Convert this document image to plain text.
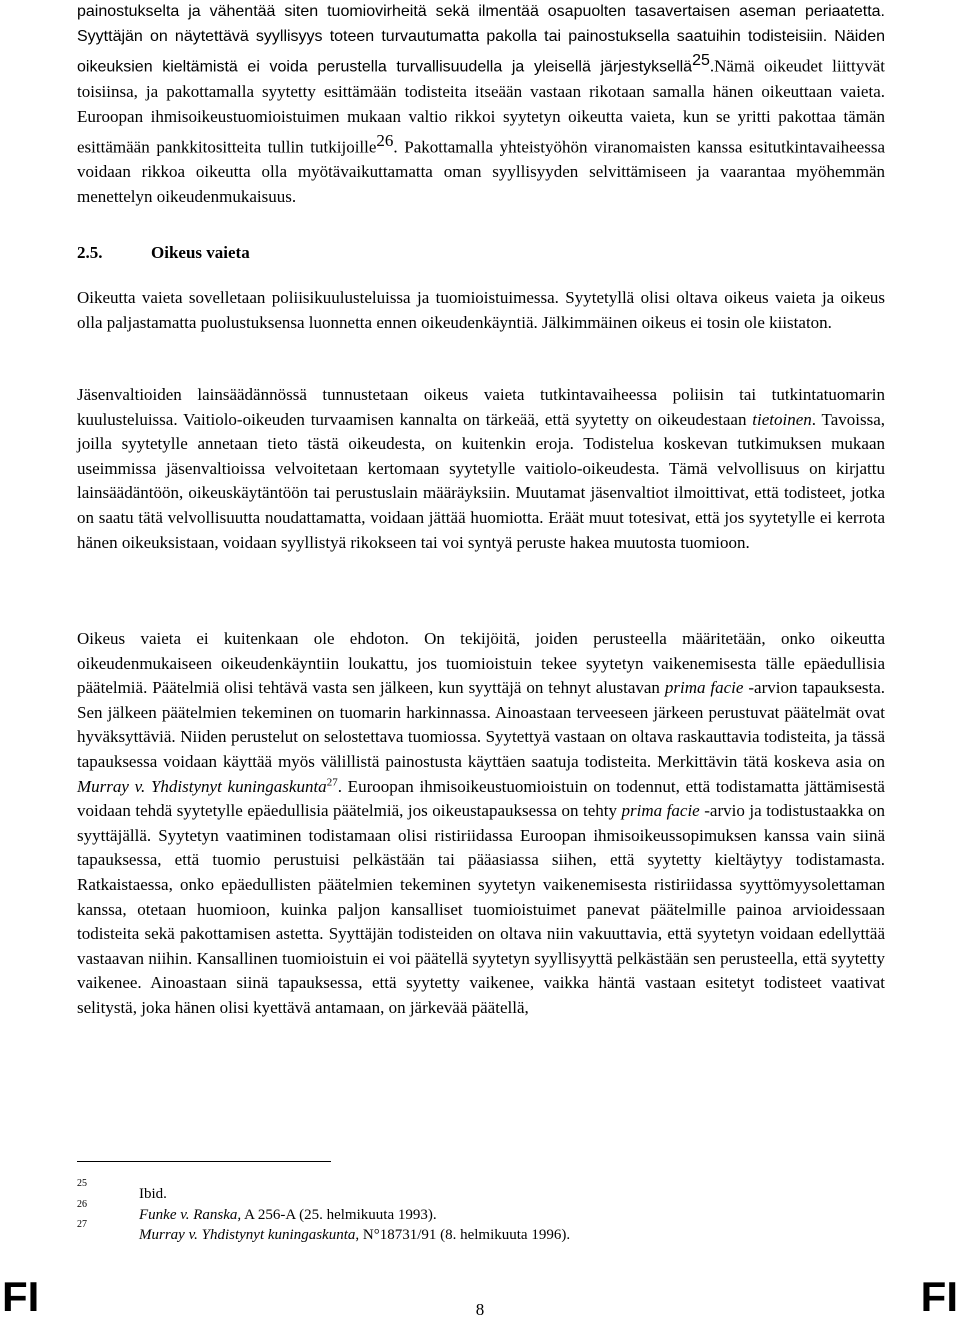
painostukselta ja vähentää siten tuomiovirheitä sekä ilmentää osapuolten tasavertaisen aseman periaatetta. Syyttäjän on näytettävä syyllisyys toteen turvautumatta pakolla tai painostuksella saatuihin todisteisiin. Näiden oikeuksien kieltämistä ei voida perustella turvallisuudella ja yleisellä järjestyksellä$^{25}$.Nämä oikeudet liittyvät toisiinsa, ja pakottamalla syytetty esittämään todisteita itseään vastaan rikotaan samalla hänen oikeuttaan vaieta. Euroopan ihmisoikeustuomioistuimen mukaan valtio rikkoi syytetyn oikeutta vaieta, kun se yritti pakottaa tämän esittämään pankkitositteita tullin tutkijoille$^{26}$. Pakottamalla yhteistyöhön viranomaisten kanssa esitutkintavaiheessa voidaan rikkoa oikeutta olla myötävaikuttamatta oman syyllisyyden selvittämiseen ja vaarantaa myöhemmän menettelyn oikeudenmukaisuus.

Oikeutta vaieta sovelletaan poliisikuulusteluissa ja tuomioistuimessa. Syytetyllä olisi oltava oikeus vaieta ja oikeus olla paljastamatta puolustuksensa luonnetta ennen oikeudenkäyntiä. Jälkimmäinen oikeus ei tosin ole kiistaton.

Jäsenvaltioiden lainsäädännössä tunnustetaan oikeus vaieta tutkintavaiheessa poliisin tai tutkintatuomarin kuulusteluissa. Vaitiolo-oikeuden turvaamisen kannalta on tärkeää, että syytetty on oikeudestaan tietoinen. Tavoissa, joilla syytetylle annetaan tieto tästä oikeudesta, on kuitenkin eroja. Todistelua koskevan tutkimuksen mukaan useimmissa jäsenvaltioissa velvoitetaan kertomaan syytetylle vaitiolo-oikeudesta. Tämä velvollisuus on kirjattu lainsäädäntöön, oikeuskäytäntöön tai perustuslain määräyksiin. Muutamat jäsenvaltiot ilmoittivat, että todisteet, jotka on saatu tätä velvollisuutta noudattamatta, voidaan jättää huomiotta. Eräät muut totesivat, että jos syytetylle ei kerrota hänen oikeuksistaan, voidaan syyllistyä rikokseen tai voi syntyä peruste hakea muutosta tuomioon.

Oikeus vaieta ei kuitenkaan ole ehdoton. On tekijöitä, joiden perusteella määritetään, onko oikeutta oikeudenmukaiseen oikeudenkäyntiin loukattu, jos tuomioistuin tekee syytetyn vaikenemisesta tälle epäedullisia päätelmiä. Päätelmiä olisi tehtävä vasta sen jälkeen, kun syyttäjä on tehnyt alustavan prima facie -arvion tapauksesta. Sen jälkeen päätelmien tekeminen on tuomarin harkinnassa. Ainoastaan terveeseen järkeen perustuvat päätelmät ovat hyväksyttäviä. Niiden perustelut on selostettava tuomiossa. Syytettyä vastaan on oltava raskauttavia todisteita, ja tässä tapauksessa voidaan käyttää myös välillistä painostusta käyttäen saatuja todisteita. Merkittävin tätä koskeva asia on Murray v. Yhdistynyt kuningaskunta$^{27}$. Euroopan ihmisoikeustuomioistuin on todennut, että todistamatta jättämisestä voidaan tehdä syytetylle epäedullisia päätelmiä, jos oikeustapauksessa on tehty prima facie -arvio ja todistustaakka on syyttäjällä. Syytetyn vaatiminen todistamaan olisi ristiriidassa Euroopan ihmisoikeussopimuksen kanssa vain siinä tapauksessa, että tuomio perustuisi pelkästään tai pääasiassa siihen, että syytetty kieltäytyy todistamasta. Ratkaistaessa, onko epäedullisten päätelmien tekeminen syytetyn vaikenemisesta ristiriidassa syyttömyysolettaman kanssa, otetaan huomioon, kuinka paljon kansalliset tuomioistuimet panevat päätelmille painoa arvioidessaan todisteita sekä pakottamisen astetta. Syyttäjän todisteiden on oltava niin vakuuttavia, että syytetyn voidaan edellyttää vastaavan niihin. Kansallinen tuomioistuin ei voi päätellä syytetyn syyllisyyttä pelkästään sen perusteella, että syytetty vaikenee. Ainoastaan siinä tapauksessa, että syytetty vaikenee, vaikka häntä vastaan esitetyt todisteet vaativat selitystä, joka hänen olisi kyettävä antamaan, on järkevää päätellä,

2.5.	Oikeus vaieta
25
Ibid.
26
Funke v. Ranska, A 256-A (25. helmikuuta 1993).
27
Murray v. Yhdistynyt kuningaskunta, N°18731/91 (8. helmikuuta 1996).
FI	8	FI
